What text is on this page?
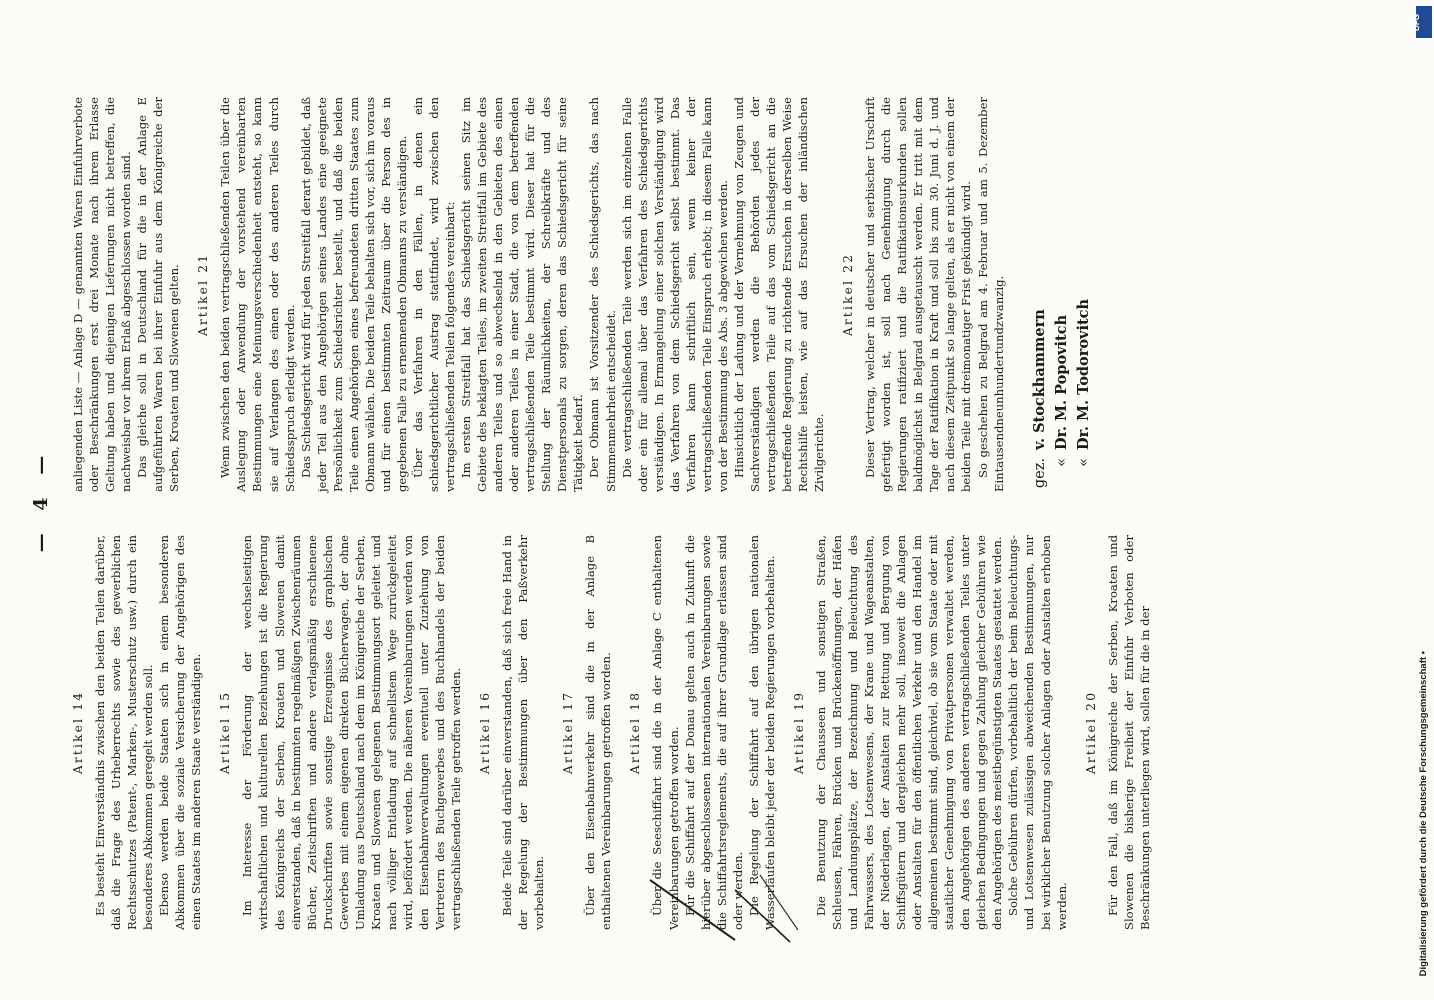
— 4 —
Artikel 14 Es besteht Einverständnis zwischen den beiden Teilen darüber, daß die Frage des Urheberrechts sowie des gewerblichen Rechtsschutzes (Patent-, Marken-, Musterschutz usw.) durch ein besonderes Abkommen geregelt werden soll. Ebenso werden beide Staaten sich in einem besonderen Abkommen über die soziale Versicherung der Angehörigen des einen Staates im anderen Staate verständigen. Artikel 15 Im Interesse der Förderung der wechselseitigen wirtschaftlichen und kulturellen Beziehungen ist die Regierung des Königreichs der Serben, Kroaten und Slowenen damit einverstanden, daß in bestimmten regelmäßigen Zwischenräumen Bücher, Zeitschriften und andere verlagsmäßig erschienene Druckschriften sowie sonstige Erzeugnisse des graphischen Gewerbes mit einem eigenen direkten Bücherwagen, der ohne Umladung aus Deutschland nach dem im Königreiche der Serben, Kroaten und Slowenen gelegenen Bestimmungsort geleitet und nach völliger Entladung auf schnellstem Wege zurückgeleitet wird, befördert werden. Die näheren Vereinbarungen werden von den Eisenbahnverwaltungen eventuell unter Zuziehung von Vertretern des Buchgewerbes und des Buchhandels der beiden vertragschließenden Teile getroffen werden. Artikel 16 Beide Teile sind darüber einverstanden, daß sich freie Hand in der Regelung der Bestimmungen über den Paßverkehr vorbehalten.

Artikel 17 Über den Eisenbahnverkehr sind die in der Anlage B enthaltenen Vereinbarungen getroffen worden. Artikel 18 Über die Seeschiffahrt sind die in der Anlage C enthaltenen Vereinbarungen getroffen worden. Für die Schiffahrt auf der Donau gelten auch in Zukunft die hierüber abgeschlossenen internationalen Vereinbarungen sowie die Schiffahrtsreglements, die auf ihrer Grundlage erlassen sind oder werden. Die Regelung der Schiffahrt auf den übrigen nationalen Wasserläufen bleibt jeder der beiden Regierungen vorbehalten. Artikel 19 Die Benutzung der Chausseen und sonstigen Straßen, Schleusen, Fähren, Brücken und Brückenöffnungen, der Häfen und Landungsplätze, der Bezeichnung und Beleuchtung des Fahrwassers, des Lotsenwesens, der Krane und Wageanstalten, der Niederlagen, der Anstalten zur Rettung und Bergung von Schiffsgütern und dergleichen mehr soll, insoweit die Anlagen oder Anstalten für den öffentlichen Verkehr und den Handel im allgemeinen bestimmt sind, gleichviel, ob sie vom Staate oder mit staatlicher Genehmigung von Privatpersonen verwaltet werden, den Angehörigen des anderen vertragschließenden Teiles unter gleichen Bedingungen und gegen Zahlung gleicher Gebühren wie den Angehörigen des meistbegünstigten Staates gestattet werden. Solche Gebühren dürfen, vorbehaltlich der beim Beleuchtungs- und Lotsenwesen zulässigen abweichenden Bestimmungen, nur bei wirklicher Benutzung solcher Anlagen oder Anstalten erhoben werden.

Artikel 20 Für den Fall, daß im Königreiche der Serben, Kroaten und Slowenen die bisherige Freiheit der Einfuhr Verboten oder Beschränkungen unterliegen wird, sollen für die in der

anliegenden Liste — Anlage D — genannten Waren Einfuhrverbote oder Beschränkungen erst drei Monate nach ihrem Erlasse Geltung haben und diejenigen Lieferungen nicht betreffen, die nachweisbar vor ihrem Erlaß abgeschlossen worden sind. Das gleiche soll in Deutschland für die in der Anlage E aufgeführten Waren bei ihrer Einfuhr aus dem Königreiche der Serben, Kroaten und Slowenen gelten. Artikel 21 Wenn zwischen den beiden vertragschließenden Teilen über die Auslegung oder Anwendung der vorstehend vereinbarten Bestimmungen eine Meinungsverschiedenheit entsteht, so kann sie auf Verlangen des einen oder des anderen Teiles durch Schiedsspruch erledigt werden. Das Schiedsgericht wird für jeden Streitfall derart gebildet, daß jeder Teil aus den Angehörigen seines Landes eine geeignete Persönlichkeit zum Schiedsrichter bestellt, und daß die beiden Teile einen Angehörigen eines befreundeten dritten Staates zum Obmann wählen. Die beiden Teile behalten sich vor, sich im voraus und für einen bestimmten Zeitraum über die Person des in gegebenen Falle zu ernennenden Obmanns zu verständigen. Über das Verfahren in den Fällen, in denen ein schiedsgerichtlicher Austrag stattfindet, wird zwischen den vertragschließenden Teilen folgendes vereinbart: Im ersten Streitfall hat das Schiedsgericht seinen Sitz im Gebiete des beklagten Teiles, im zweiten Streitfall im Gebiete des anderen Teiles und so abwechselnd in den Gebieten des einen oder anderen Teiles in einer Stadt, die von dem betreffenden vertragschließenden Teile bestimmt wird. Dieser hat für die Stellung der Räumlichkeiten, der Schreibkräfte und des Dienstpersonals zu sorgen, deren das Schiedsgericht für seine Tätigkeit bedarf. Der Obmann ist Vorsitzender des Schiedsgerichts, das nach Stimmenmehrheit entscheidet. Die vertragschließenden Teile werden sich im einzelnen Falle oder ein für allemal über das Verfahren des Schiedsgerichts verständigen. In Ermangelung einer solchen Verständigung wird das Verfahren von dem Schiedsgericht selbst bestimmt. Das Verfahren kann schriftlich sein, wenn keiner der vertragschließenden Teile Einspruch erhebt; in diesem Falle kann von der Bestimmung des Abs. 3 abgewichen werden. Hinsichtlich der Ladung und der Vernehmung von Zeugen und Sachverständigen werden die Behörden jedes der vertragschließenden Teile auf das vom Schiedsgericht an die betreffende Regierung zu richtende Ersuchen in derselben Weise Rechtshilfe leisten, wie auf das Ersuchen der inländischen Zivilgerichte.

Artikel 22 Dieser Vertrag, welcher in deutscher und serbischer Urschrift gefertigt worden ist, soll nach Genehmigung durch die Regierungen ratifiziert und die Ratifikationsurkunden sollen baldmöglichst in Belgrad ausgetauscht werden. Er tritt mit dem Tage der Ratifikation in Kraft und soll bis zum 30. Juni d. J. und nach diesem Zeitpunkt so lange gelten, als er nicht von einem der beiden Teile mit dreimonatiger Frist gekündigt wird. So geschehen zu Belgrad am 4. Februar und am 5. Dezember Eintausendneunhundertundzwanzig. gez.v. Stockhammern
«Dr. M. Popovitch
«Dr. M. Todorovitch
Digitalisierung gefördert durch die Deutsche Forschungsgemeinschaft •
DFG
